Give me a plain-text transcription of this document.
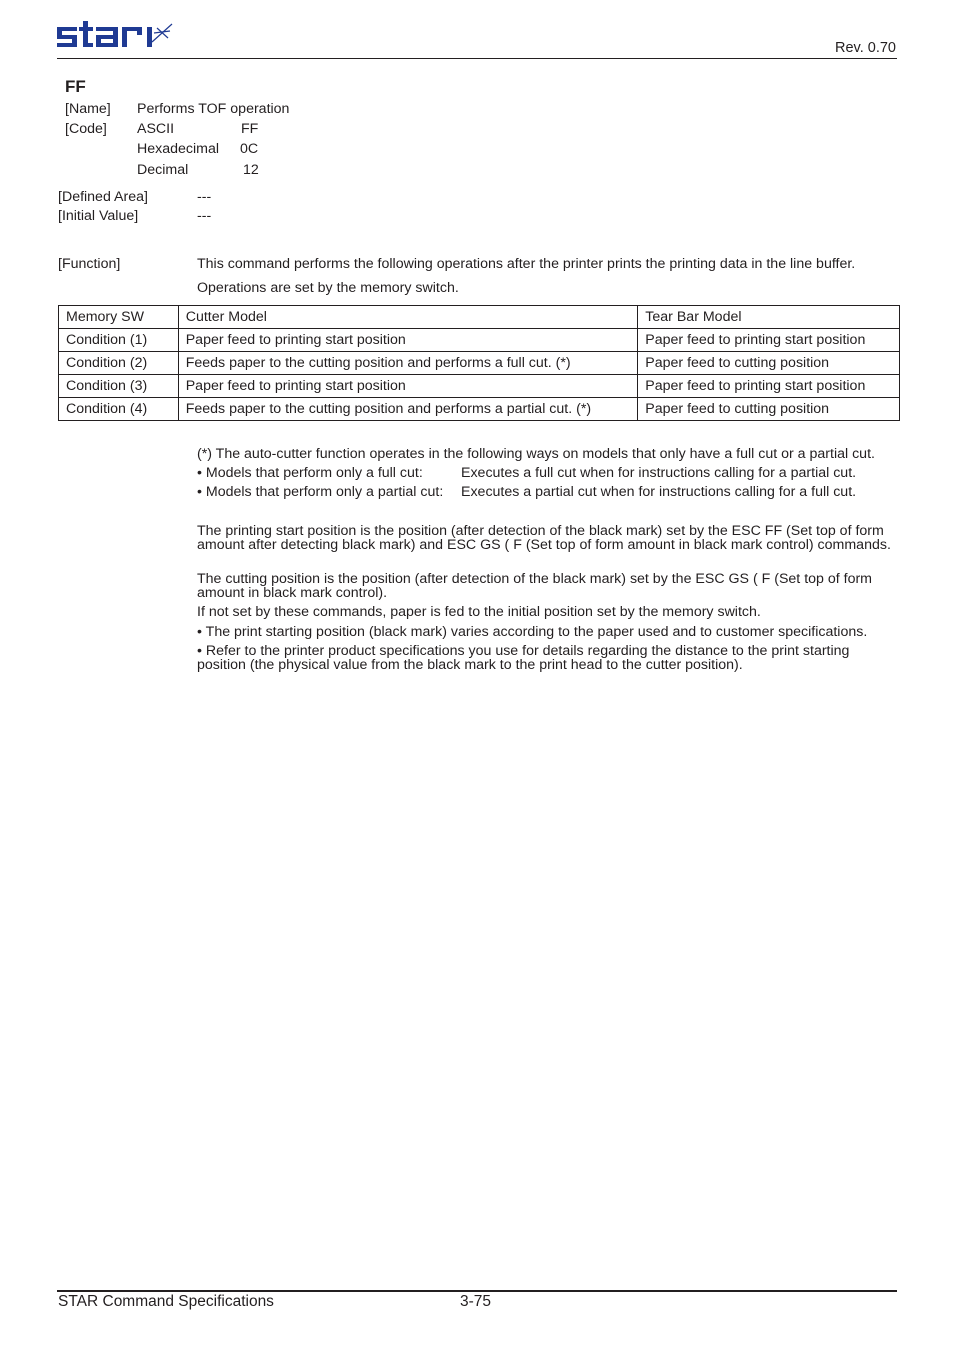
Rev. 0.70
FF
[Name] Performs TOF operation
[Code] ASCII	FF
Hexadecimal 0C
Decimal	12
[Defined Area]	---
[Initial Value]	---
[Function]	This command performs the following operations after the printer prints the printing data in the line buffer.
Operations are set by the memory switch.
Memory SW	Cutter Model	Tear Bar Model
Condition (1)	Paper feed to printing start position	Paper feed to printing start position
Condition (2)	Feeds paper to the cutting position and performs a full cut. (*)	Paper feed to cutting position
Condition (3)	Paper feed to printing start position	Paper feed to printing start position
Condition (4)	Feeds paper to the cutting position and performs a partial cut. (*)	Paper feed to cutting position
(*) The auto-cutter function operates in the following ways on models that only have a full cut or a partial cut.
• Models that perform only a full cut:	Executes a full cut when for instructions calling for a partial cut.
• Models that perform only a partial cut: Executes a partial cut when for instructions calling for a full cut.
The printing start position is the position (after detection of the black mark) set by the ESC FF (Set top of form amount after detecting black mark) and ESC GS ( F (Set top of form amount in black mark control) commands.
The cutting position is the position (after detection of the black mark) set by the ESC GS ( F (Set top of form amount in black mark control).
If not set by these commands, paper is fed to the initial position set by the memory switch.
• The print starting position (black mark) varies according to the paper used and to customer specifications.
• Refer to the printer product specifications you use for details regarding the distance to the print starting position (the physical value from the black mark to the print head to the cutter position).
STAR Command Specifications	3-75
